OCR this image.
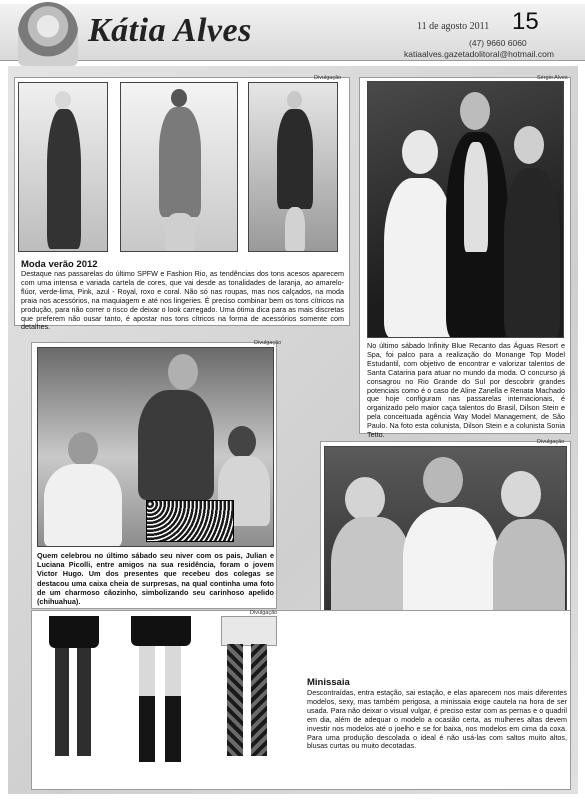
Kátia Alves	11 de agosto 2011 15
(47) 9660 6060
katiaalves.gazetadolitoral@hotmail.com
Divulgação
Moda verão 2012
Destaque nas passarelas do último SPFW e Fashion Rio, as tendências dos tons acesos aparecem com uma intensa e variada cartela de cores, que vai desde as tonalidades de laranja, ao amarelo-flúor, verde-lima, Pink, azul - Royal, roxo e coral. Não só nas roupas, mas nos calçados, na moda praia nos acessórios, na maquiagem e até nos lingeries. É preciso combinar bem os tons cítricos na produção, para não correr o risco de deixar o look carregado. Uma ótima dica para as mais discretas que preferem não ousar tanto, é apostar nos tons cítricos na forma de acessórios somente com detalhes.
Sérgio Alves
No último sábado Infinity Blue Recanto das Águas Resort e Spa, foi palco para a realização do Monange Top Model Estudantil, com objetivo de encontrar e valorizar talentos de Santa Catarina para atuar no mundo da moda. O concurso já consagrou no Rio Grande do Sul por descobrir grandes potenciais como é o caso de Aline Zanella e Renata Machado que hoje configuram nas passarelas internacionais, é organizado pelo maior caça talentos do Brasil, Dilson Stein e pela conceituada agência Way Model Management, de São Paulo. Na foto esta colunista, Dilson Stein e a colunista Sonia Tetto.
Divulgação
Quem celebrou no último sábado seu niver com os pais, Julian e Luciana Picolli, entre amigos na sua residência, foram o jovem Victor Hugo. Um dos presentes que recebeu dos colegas se destacou uma caixa cheia de surpresas, na qual continha uma foto de um charmoso cãozinho, simbolizando seu carinhoso apelido (chihuahua).
Divulgação
Divulgação
Minissaia
Descontraídas, entra estação, sai estação, e elas aparecem nos mais diferentes modelos, sexy, mas também perigosa, a minissaia exige cautela na hora de ser usada. Para não deixar o visual vulgar, é preciso estar com as pernas e o quadril em dia, além de adequar o modelo a ocasião certa, as mulheres altas devem investir nos modelos até o joelho e se for baixa, nos modelos em cima da coxa. Para uma produção descolada o ideal é não usá-las com saltos muito altos, blusas curtas ou muito decotadas.
